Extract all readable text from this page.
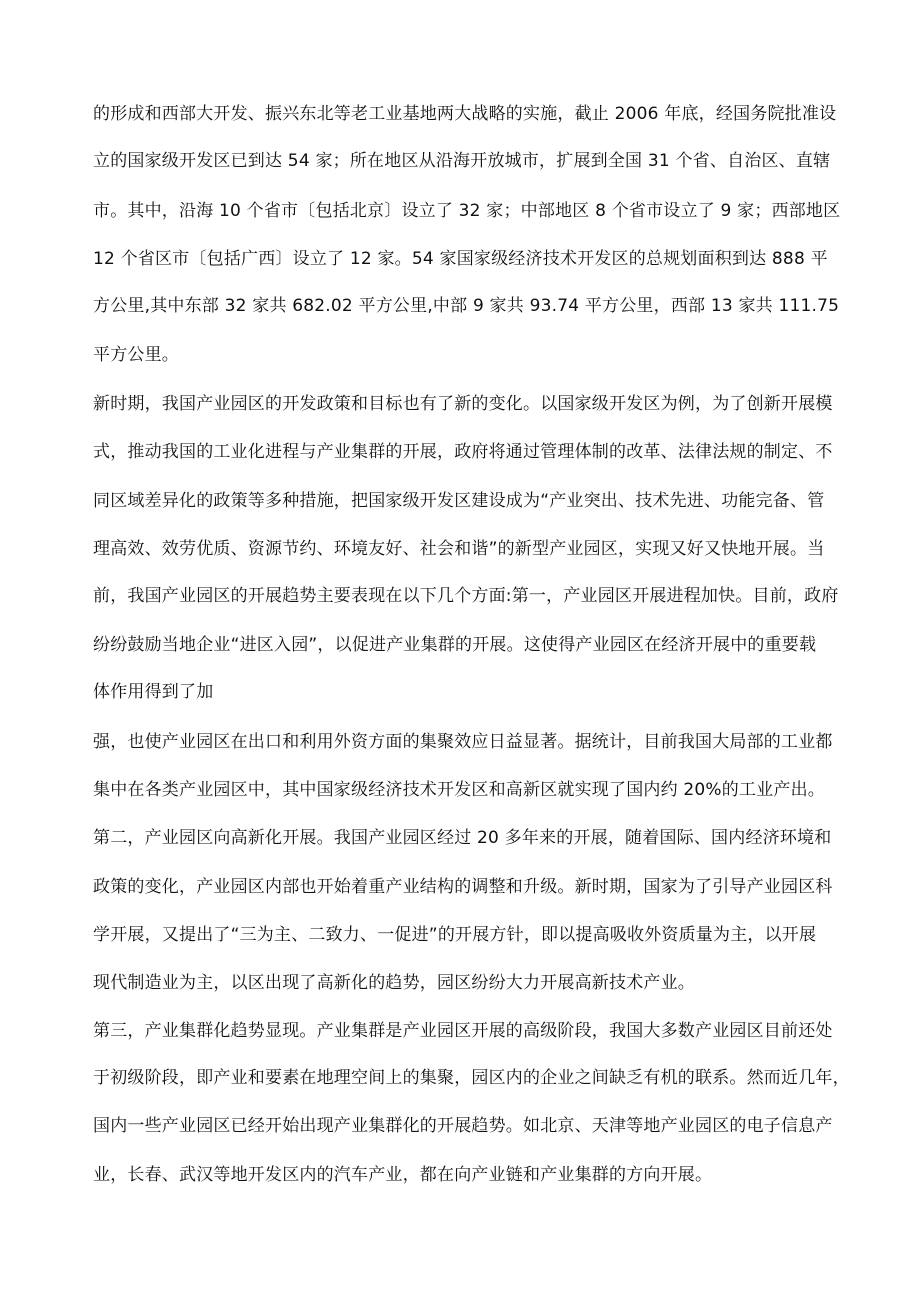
的形成和西部大开发、振兴东北等老工业基地两大战略的实施，截止 2006 年底，经国务院批准设
立的国家级开发区已到达 54 家；所在地区从沿海开放城市，扩展到全国 31 个省、自治区、直辖
市。其中，沿海 10 个省市〔包括北京〕设立了 32 家；中部地区 8 个省市设立了 9 家；西部地区
12 个省区市〔包括广西〕设立了 12 家。54 家国家级经济技术开发区的总规划面积到达 888 平
方公里,其中东部 32 家共 682.02 平方公里,中部 9 家共 93.74 平方公里，西部 13 家共 111.75
平方公里。
新时期，我国产业园区的开发政策和目标也有了新的变化。以国家级开发区为例，为了创新开展模
式，推动我国的工业化进程与产业集群的开展，政府将通过管理体制的改革、法律法规的制定、不
同区域差异化的政策等多种措施，把国家级开发区建设成为“产业突出、技术先进、功能完备、管
理高效、效劳优质、资源节约、环境友好、社会和谐”的新型产业园区，实现又好又快地开展。当
前，我国产业园区的开展趋势主要表现在以下几个方面:第一，产业园区开展进程加快。目前，政府
纷纷鼓励当地企业“进区入园”，以促进产业集群的开展。这使得产业园区在经济开展中的重要载
体作用得到了加
强，也使产业园区在出口和利用外资方面的集聚效应日益显著。据统计，目前我国大局部的工业都
集中在各类产业园区中，其中国家级经济技术开发区和高新区就实现了国内约 20%的工业产出。
第二，产业园区向高新化开展。我国产业园区经过 20 多年来的开展，随着国际、国内经济环境和
政策的变化，产业园区内部也开始着重产业结构的调整和升级。新时期，国家为了引导产业园区科
学开展，又提出了“三为主、二致力、一促进”的开展方针，即以提高吸收外资质量为主，以开展
现代制造业为主，以区出现了高新化的趋势，园区纷纷大力开展高新技术产业。
第三，产业集群化趋势显现。产业集群是产业园区开展的高级阶段，我国大多数产业园区目前还处
于初级阶段，即产业和要素在地理空间上的集聚，园区内的企业之间缺乏有机的联系。然而近几年，
国内一些产业园区已经开始出现产业集群化的开展趋势。如北京、天津等地产业园区的电子信息产
业，长春、武汉等地开发区内的汽车产业，都在向产业链和产业集群的方向开展。
